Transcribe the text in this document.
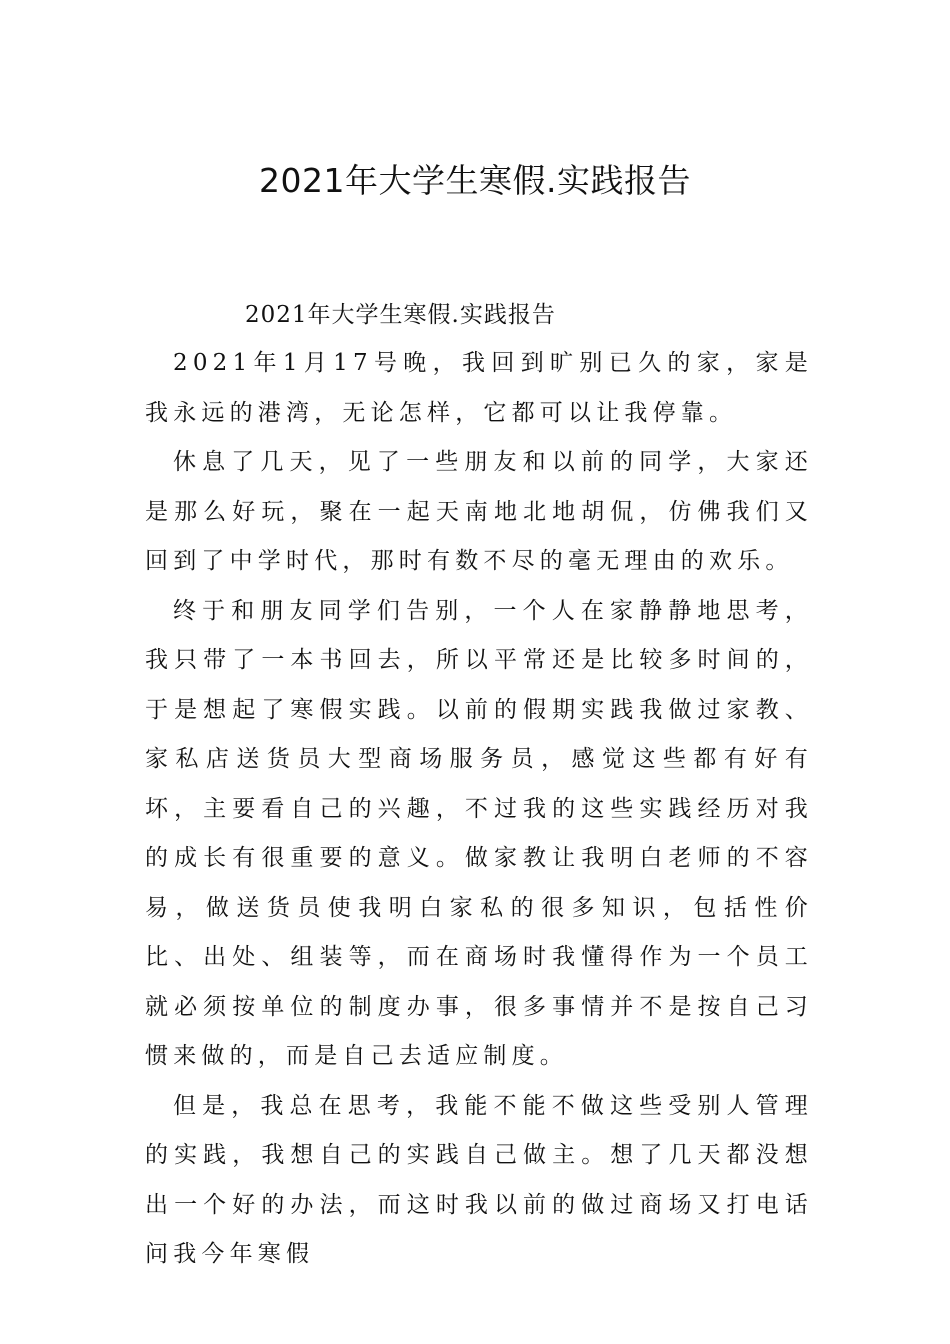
2021年大学生寒假.实践报告
2021年大学生寒假.实践报告

2021年1月17号晚，我回到旷别已久的家，家是我永远的港湾，无论怎样，它都可以让我停靠。

休息了几天，见了一些朋友和以前的同学，大家还是那么好玩，聚在一起天南地北地胡侃，仿佛我们又回到了中学时代，那时有数不尽的毫无理由的欢乐。

终于和朋友同学们告别，一个人在家静静地思考，我只带了一本书回去，所以平常还是比较多时间的，于是想起了寒假实践。以前的假期实践我做过家教、家私店送货员大型商场服务员，感觉这些都有好有坏，主要看自己的兴趣，不过我的这些实践经历对我的成长有很重要的意义。做家教让我明白老师的不容易，做送货员使我明白家私的很多知识，包括性价比、出处、组装等，而在商场时我懂得作为一个员工就必须按单位的制度办事，很多事情并不是按自己习惯来做的，而是自己去适应制度。

但是，我总在思考，我能不能不做这些受别人管理的实践，我想自己的实践自己做主。想了几天都没想出一个好的办法，而这时我以前的做过商场又打电话问我今年寒假
